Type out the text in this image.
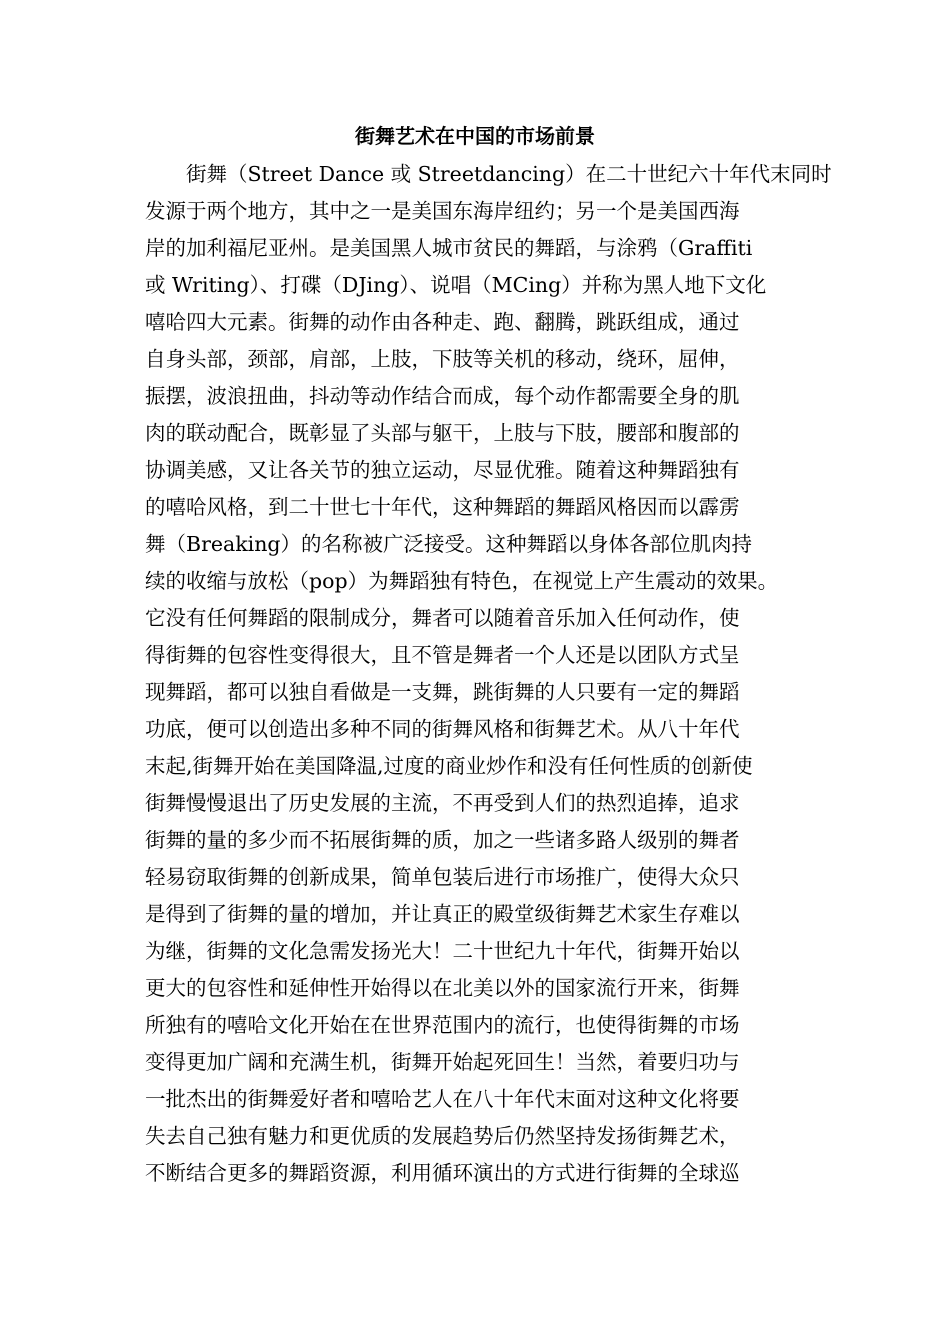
街舞艺术在中国的市场前景
　　街舞（Street Dance 或 Streetdancing）在二十世纪六十年代末同时
发源于两个地方，其中之一是美国东海岸纽约；另一个是美国西海
岸的加利福尼亚州。是美国黑人城市贫民的舞蹈，与涂鸦（Graffiti
或 Writing）、打碟（DJing）、说唱（MCing）并称为黑人地下文化
嘻哈四大元素。街舞的动作由各种走、跑、翻腾，跳跃组成，通过
自身头部，颈部，肩部，上肢，下肢等关机的移动，绕环，屈伸，
振摆，波浪扭曲，抖动等动作结合而成，每个动作都需要全身的肌
肉的联动配合，既彰显了头部与躯干，上肢与下肢，腰部和腹部的
协调美感，又让各关节的独立运动，尽显优雅。随着这种舞蹈独有
的嘻哈风格，到二十世七十年代，这种舞蹈的舞蹈风格因而以霹雳
舞（Breaking）的名称被广泛接受。这种舞蹈以身体各部位肌肉持
续的收缩与放松（pop）为舞蹈独有特色，在视觉上产生震动的效果。
它没有任何舞蹈的限制成分，舞者可以随着音乐加入任何动作，使
得街舞的包容性变得很大，且不管是舞者一个人还是以团队方式呈
现舞蹈，都可以独自看做是一支舞，跳街舞的人只要有一定的舞蹈
功底，便可以创造出多种不同的街舞风格和街舞艺术。从八十年代
末起,街舞开始在美国降温,过度的商业炒作和没有任何性质的创新使
街舞慢慢退出了历史发展的主流，不再受到人们的热烈追捧，追求
街舞的量的多少而不拓展街舞的质，加之一些诸多路人级别的舞者
轻易窃取街舞的创新成果，简单包装后进行市场推广，使得大众只
是得到了街舞的量的增加，并让真正的殿堂级街舞艺术家生存难以
为继，街舞的文化急需发扬光大！二十世纪九十年代，街舞开始以
更大的包容性和延伸性开始得以在北美以外的国家流行开来，街舞
所独有的嘻哈文化开始在在世界范围内的流行，也使得街舞的市场
变得更加广阔和充满生机，街舞开始起死回生！当然，着要归功与
一批杰出的街舞爱好者和嘻哈艺人在八十年代末面对这种文化将要
失去自己独有魅力和更优质的发展趋势后仍然坚持发扬街舞艺术，
不断结合更多的舞蹈资源，利用循环演出的方式进行街舞的全球巡
